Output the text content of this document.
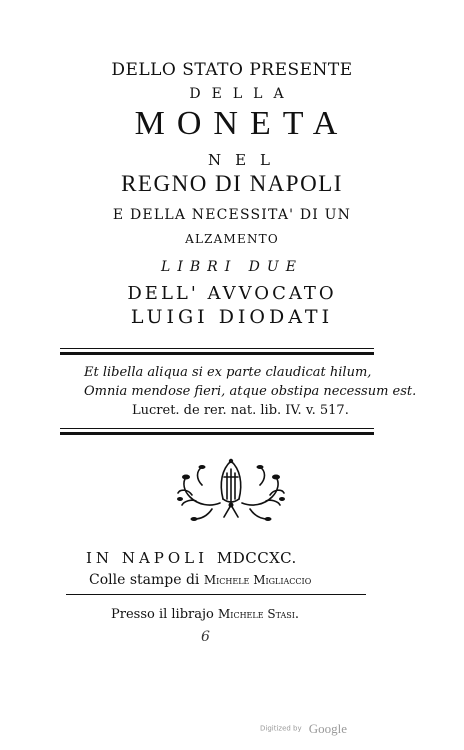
DELLO STATO PRESENTE
DELLA
MONETA
NEL
REGNO DI NAPOLI
E DELLA NECESSITA' DI UN
ALZAMENTO
LIBRI DUE
DELL' AVVOCATO
LUIGI DIODATI
Et libella aliqua si ex parte claudicat hilum,
Omnia mendose fieri, atque obstipa necessum est.
Lucret. de rer. nat. lib. IV. v. 517.
IN NAPOLI MDCCXC.
Colle stampe di Michele Migliaccio
Presso il librajo Michele Stasi.
6
Digitized by Google
